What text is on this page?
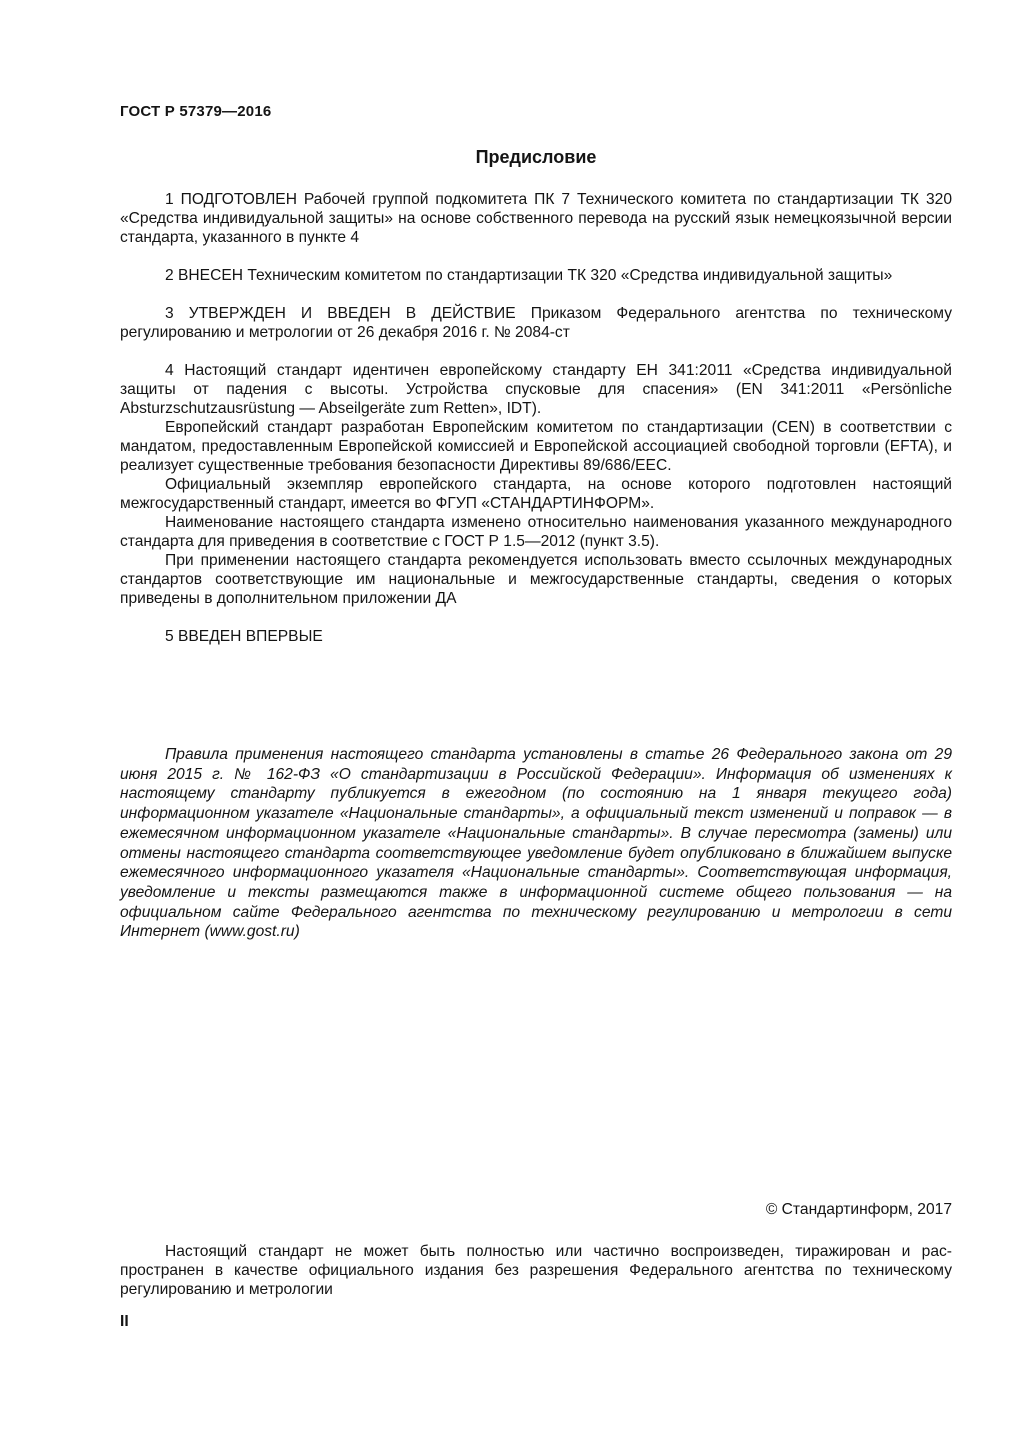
ГОСТ Р 57379—2016
Предисловие

1 ПОДГОТОВЛЕН Рабочей группой подкомитета ПК 7 Технического комитета по стандартизации ТК 320 «Средства индивидуальной защиты» на основе собственного перевода на русский язык немецкоязычной версии стандарта, указанного в пункте 4

2 ВНЕСЕН Техническим комитетом по стандартизации ТК 320 «Средства индивидуальной защиты»

3 УТВЕРЖДЕН И ВВЕДЕН В ДЕЙСТВИЕ Приказом Федерального агентства по техническому регулированию и метрологии от 26 декабря 2016 г. № 2084-ст

4 Настоящий стандарт идентичен европейскому стандарту ЕН 341:2011 «Средства индивидуальной защиты от падения с высоты. Устройства спусковые для спасения» (EN 341:2011 «Persönliche Absturzschutzausrüstung — Abseilgeräte zum Retten», IDT).

Европейский стандарт разработан Европейским комитетом по стандартизации (CEN) в соответствии с мандатом, предоставленным Европейской комиссией и Европейской ассоциацией свободной торговли (EFTA), и реализует существенные требования безопасности Директивы 89/686/ЕЕС.

Официальный экземпляр европейского стандарта, на основе которого подготовлен настоящий межгосударственный стандарт, имеется во ФГУП «СТАНДАРТИНФОРМ».

Наименование настоящего стандарта изменено относительно наименования указанного международного стандарта для приведения в соответствие с ГОСТ Р 1.5—2012 (пункт 3.5).

При применении настоящего стандарта рекомендуется использовать вместо ссылочных международных стандартов соответствующие им национальные и межгосударственные стандарты, сведения о которых приведены в дополнительном приложении ДА

5 ВВЕДЕН ВПЕРВЫЕ

Правила применения настоящего стандарта установлены в статье 26 Федерального закона от 29 июня 2015 г. № 162-ФЗ «О стандартизации в Российской Федерации». Информация об изменениях к настоящему стандарту публикуется в ежегодном (по состоянию на 1 января текущего года) информационном указателе «Национальные стандарты», а официальный текст изменений и поправок — в ежемесячном информационном указателе «Национальные стандарты». В случае пересмотра (замены) или отмены настоящего стандарта соответствующее уведомление будет опубликовано в ближайшем выпуске ежемесячного информационного указателя «Национальные стандарты». Соответствующая информация, уведомление и тексты размещаются также в информационной системе общего пользования — на официальном сайте Федерального агентства по техническому регулированию и метрологии в сети Интернет (www.gost.ru)
© Стандартинформ, 2017
Настоящий стандарт не может быть полностью или частично воспроизведен, тиражирован и распространен в качестве официального издания без разрешения Федерального агентства по техническому регулированию и метрологии
II
